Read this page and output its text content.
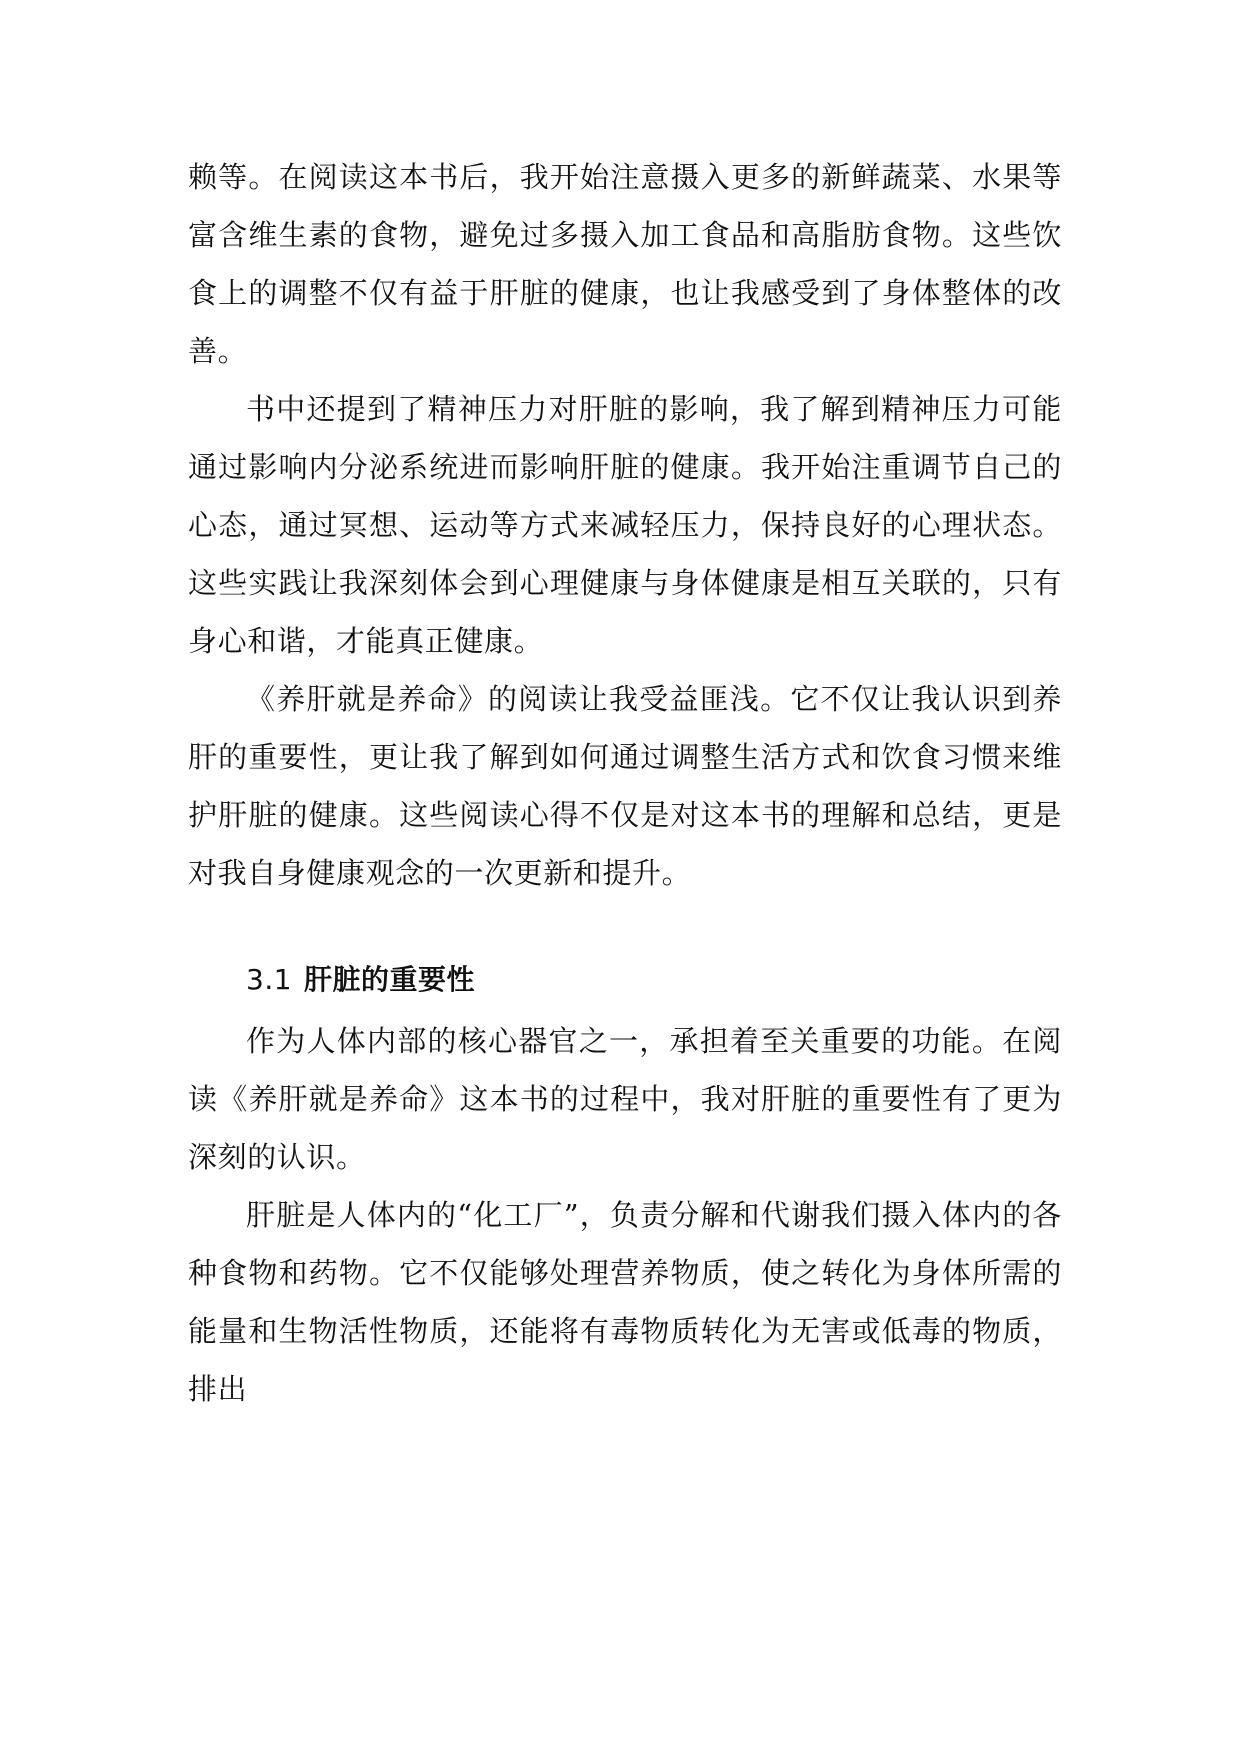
赖等。在阅读这本书后，我开始注意摄入更多的新鲜蔬菜、水果等富含维生素的食物，避免过多摄入加工食品和高脂肪食物。这些饮食上的调整不仅有益于肝脏的健康，也让我感受到了身体整体的改善。

书中还提到了精神压力对肝脏的影响，我了解到精神压力可能通过影响内分泌系统进而影响肝脏的健康。我开始注重调节自己的心态，通过冥想、运动等方式来减轻压力，保持良好的心理状态。这些实践让我深刻体会到心理健康与身体健康是相互关联的，只有身心和谐，才能真正健康。

《养肝就是养命》的阅读让我受益匪浅。它不仅让我认识到养肝的重要性，更让我了解到如何通过调整生活方式和饮食习惯来维护肝脏的健康。这些阅读心得不仅是对这本书的理解和总结，更是对我自身健康观念的一次更新和提升。

3.1 肝脏的重要性

作为人体内部的核心器官之一，承担着至关重要的功能。在阅读《养肝就是养命》这本书的过程中，我对肝脏的重要性有了更为深刻的认识。

肝脏是人体内的“化工厂”，负责分解和代谢我们摄入体内的各种食物和药物。它不仅能够处理营养物质，使之转化为身体所需的能量和生物活性物质，还能将有毒物质转化为无害或低毒的物质，排出
